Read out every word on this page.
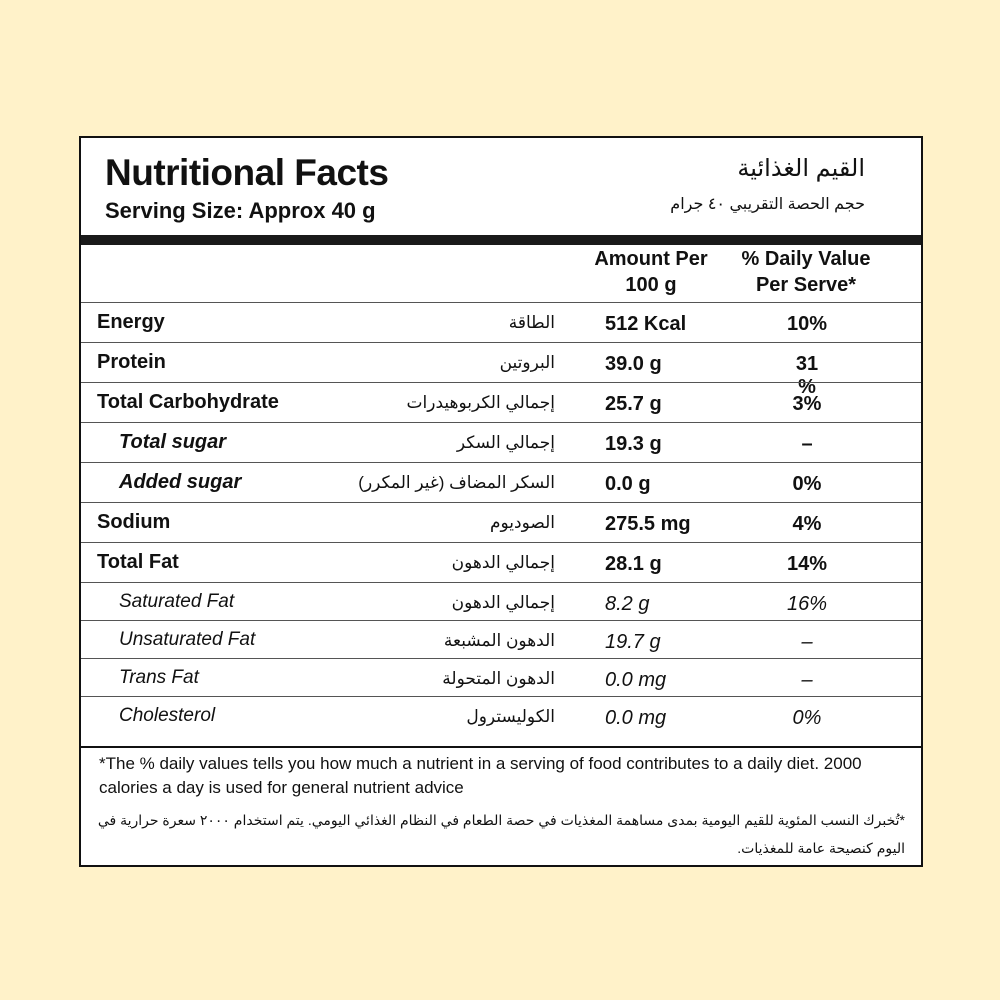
Nutritional Facts
Serving Size: Approx 40 g
القيم الغذائية
حجم الحصة التقريبي ٤٠ جرام
Amount Per
100 g
% Daily Value
Per Serve*
Energy	الطاقة	512 Kcal	10%
Protein	البروتين	39.0 g	31 %
Total Carbohydrate	إجمالي الكربوهيدرات	25.7 g	3%
Total sugar	إجمالي السكر	19.3 g	–
Added sugar	السكر المضاف (غير المكرر)	0.0 g	0%
Sodium	الصوديوم	275.5 mg	4%
Total Fat	إجمالي الدهون	28.1 g	14%
Saturated Fat	إجمالي الدهون	8.2 g	16%
Unsaturated Fat	الدهون المشبعة	19.7 g	–
Trans Fat	الدهون المتحولة	0.0 mg	–
Cholesterol	الكوليسترول	0.0 mg	0%
*The % daily values tells you how much a nutrient in a serving of food contributes to a daily diet. 2000 calories a day is used for general nutrient advice
*تُخبرك النسب المئوية للقيم اليومية بمدى مساهمة المغذيات في حصة الطعام في النظام الغذائي اليومي. يتم استخدام ٢٠٠٠ سعرة حرارية في اليوم كنصيحة عامة للمغذيات.
